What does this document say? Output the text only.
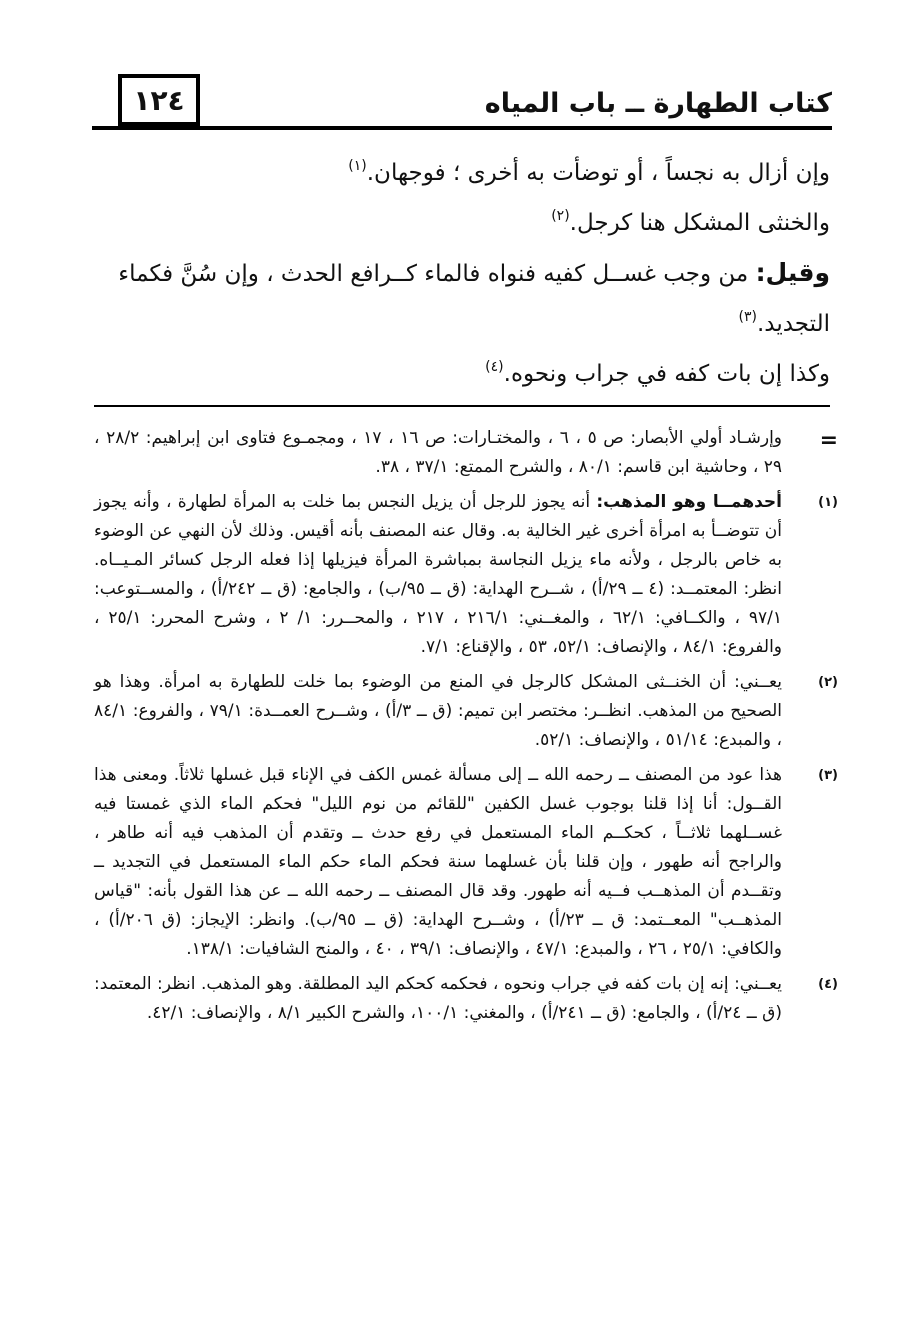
١٢٤	كتاب الطهارة ــ باب المياه

وإن أزال به نجساً ، أو توضأت به أخرى ؛ فوجهان.$^{(١)}$

والخنثى المشكل هنا كرجل.$^{(٢)}$

وقيل: من وجب غســل كفيه فنواه فالماء كــرافع الحدث ، وإن سُنَّ فكماء التجديد.$^{(٣)}$

وكذا إن بات كفه في جراب ونحوه.$^{(٤)}$

=
وإرشـاد أولي الأبصار: ص ٥ ، ٦ ، والمختـارات: ص ١٦ ، ١٧ ، ومجمـوع فتاوى ابن إبراهيم: ٢٨/٢ ، ٢٩ ، وحاشية ابن قاسم: ٨٠/١ ، والشرح الممتع: ٣٧/١ ، ٣٨.
(١)
أحدهمــا وهو المذهب: أنه يجوز للرجل أن يزيل النجس بما خلت به المرأة لطهارة ، وأنه يجوز أن تتوضــأ به امرأة أخرى غير الخالية به. وقال عنه المصنف بأنه أقيس. وذلك لأن النهي عن الوضوء به خاص بالرجل ، ولأنه ماء يزيل النجاسة بمباشرة المرأة فيزيلها إذا فعله الرجل كسائر المـيــاه. انظر: المعتمــد: (٤ ــ ٢٩/أ) ، شــرح الهداية: (ق ــ ٩٥/ب) ، والجامع: (ق ــ ٢٤٢/أ) ، والمســتوعب: ٩٧/١ ، والكــافي: ٦٢/١ ، والمغــني: ٢١٦/١ ، ٢١٧ ، والمحــرر: ١/ ٢ ، وشرح المحرر: ٢٥/١ ، والفروع: ٨٤/١ ، والإنصاف: ٥٢/١، ٥٣ ، والإقناع: ٧/١.
(٢)
يعــني: أن الخنــثى المشكل كالرجل في المنع من الوضوء بما خلت للطهارة به امرأة. وهذا هو الصحيح من المذهب. انظــر: مختصر ابن تميم: (ق ــ ٣/أ) ، وشــرح العمــدة: ٧٩/١ ، والفروع: ٨٤/١ ، والمبدع: ٥١/١٤ ، والإنصاف: ٥٢/١.
(٣)
هذا عود من المصنف ــ رحمه الله ــ إلى مسألة غمس الكف في الإناء قبل غسلها ثلاثاً. ومعنى هذا القــول: أنا إذا قلنا بوجوب غسل الكفين "للقائم من نوم الليل" فحكم الماء الذي غمستا فيه غســلهما ثلاثــاً ، كحكــم الماء المستعمل في رفع حدث ــ وتقدم أن المذهب فيه أنه طاهر ، والراجح أنه طهور ، وإن قلنا بأن غسلهما سنة فحكم الماء حكم الماء المستعمل في التجديد ــ وتقــدم أن المذهــب فــيه أنه طهور. وقد قال المصنف ــ رحمه الله ــ عن هذا القول بأنه: "قياس المذهــب" المعــتمد: ق ــ ٢٣/أ) ، وشــرح الهداية: (ق ــ ٩٥/ب). وانظر: الإيجاز: (ق ٢٠٦/أ) ، والكافي: ٢٥/١ ، ٢٦ ، والمبدع: ٤٧/١ ، والإنصاف: ٣٩/١ ، ٤٠ ، والمنح الشافيات: ١٣٨/١.
(٤)
يعــني: إنه إن بات كفه في جراب ونحوه ، فحكمه كحكم اليد المطلقة. وهو المذهب. انظر: المعتمد: (ق ــ ٢٤/أ) ، والجامع: (ق ــ ٢٤١/أ) ، والمغني: ١٠٠/١، والشرح الكبير ٨/١ ، والإنصاف: ٤٢/١.
